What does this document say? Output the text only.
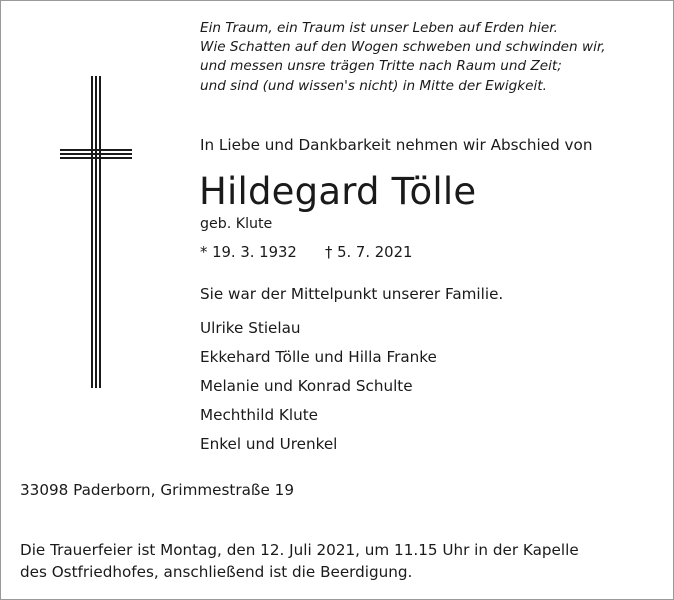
Ein Traum, ein Traum ist unser Leben auf Erden hier.
Wie Schatten auf den Wogen schweben und schwinden wir,
und messen unsre trägen Tritte nach Raum und Zeit;
und sind (und wissen's nicht) in Mitte der Ewigkeit.
In Liebe und Dankbarkeit nehmen wir Abschied von
Hildegard Tölle
geb. Klute
* 19. 3. 1932 † 5. 7. 2021
Sie war der Mittelpunkt unserer Familie.
Ulrike Stielau
Ekkehard Tölle und Hilla Franke
Melanie und Konrad Schulte
Mechthild Klute
Enkel und Urenkel
33098 Paderborn, Grimmestraße 19
Die Trauerfeier ist Montag, den 12. Juli 2021, um 11.15 Uhr in der Kapelle
des Ostfriedhofes, anschließend ist die Beerdigung.
